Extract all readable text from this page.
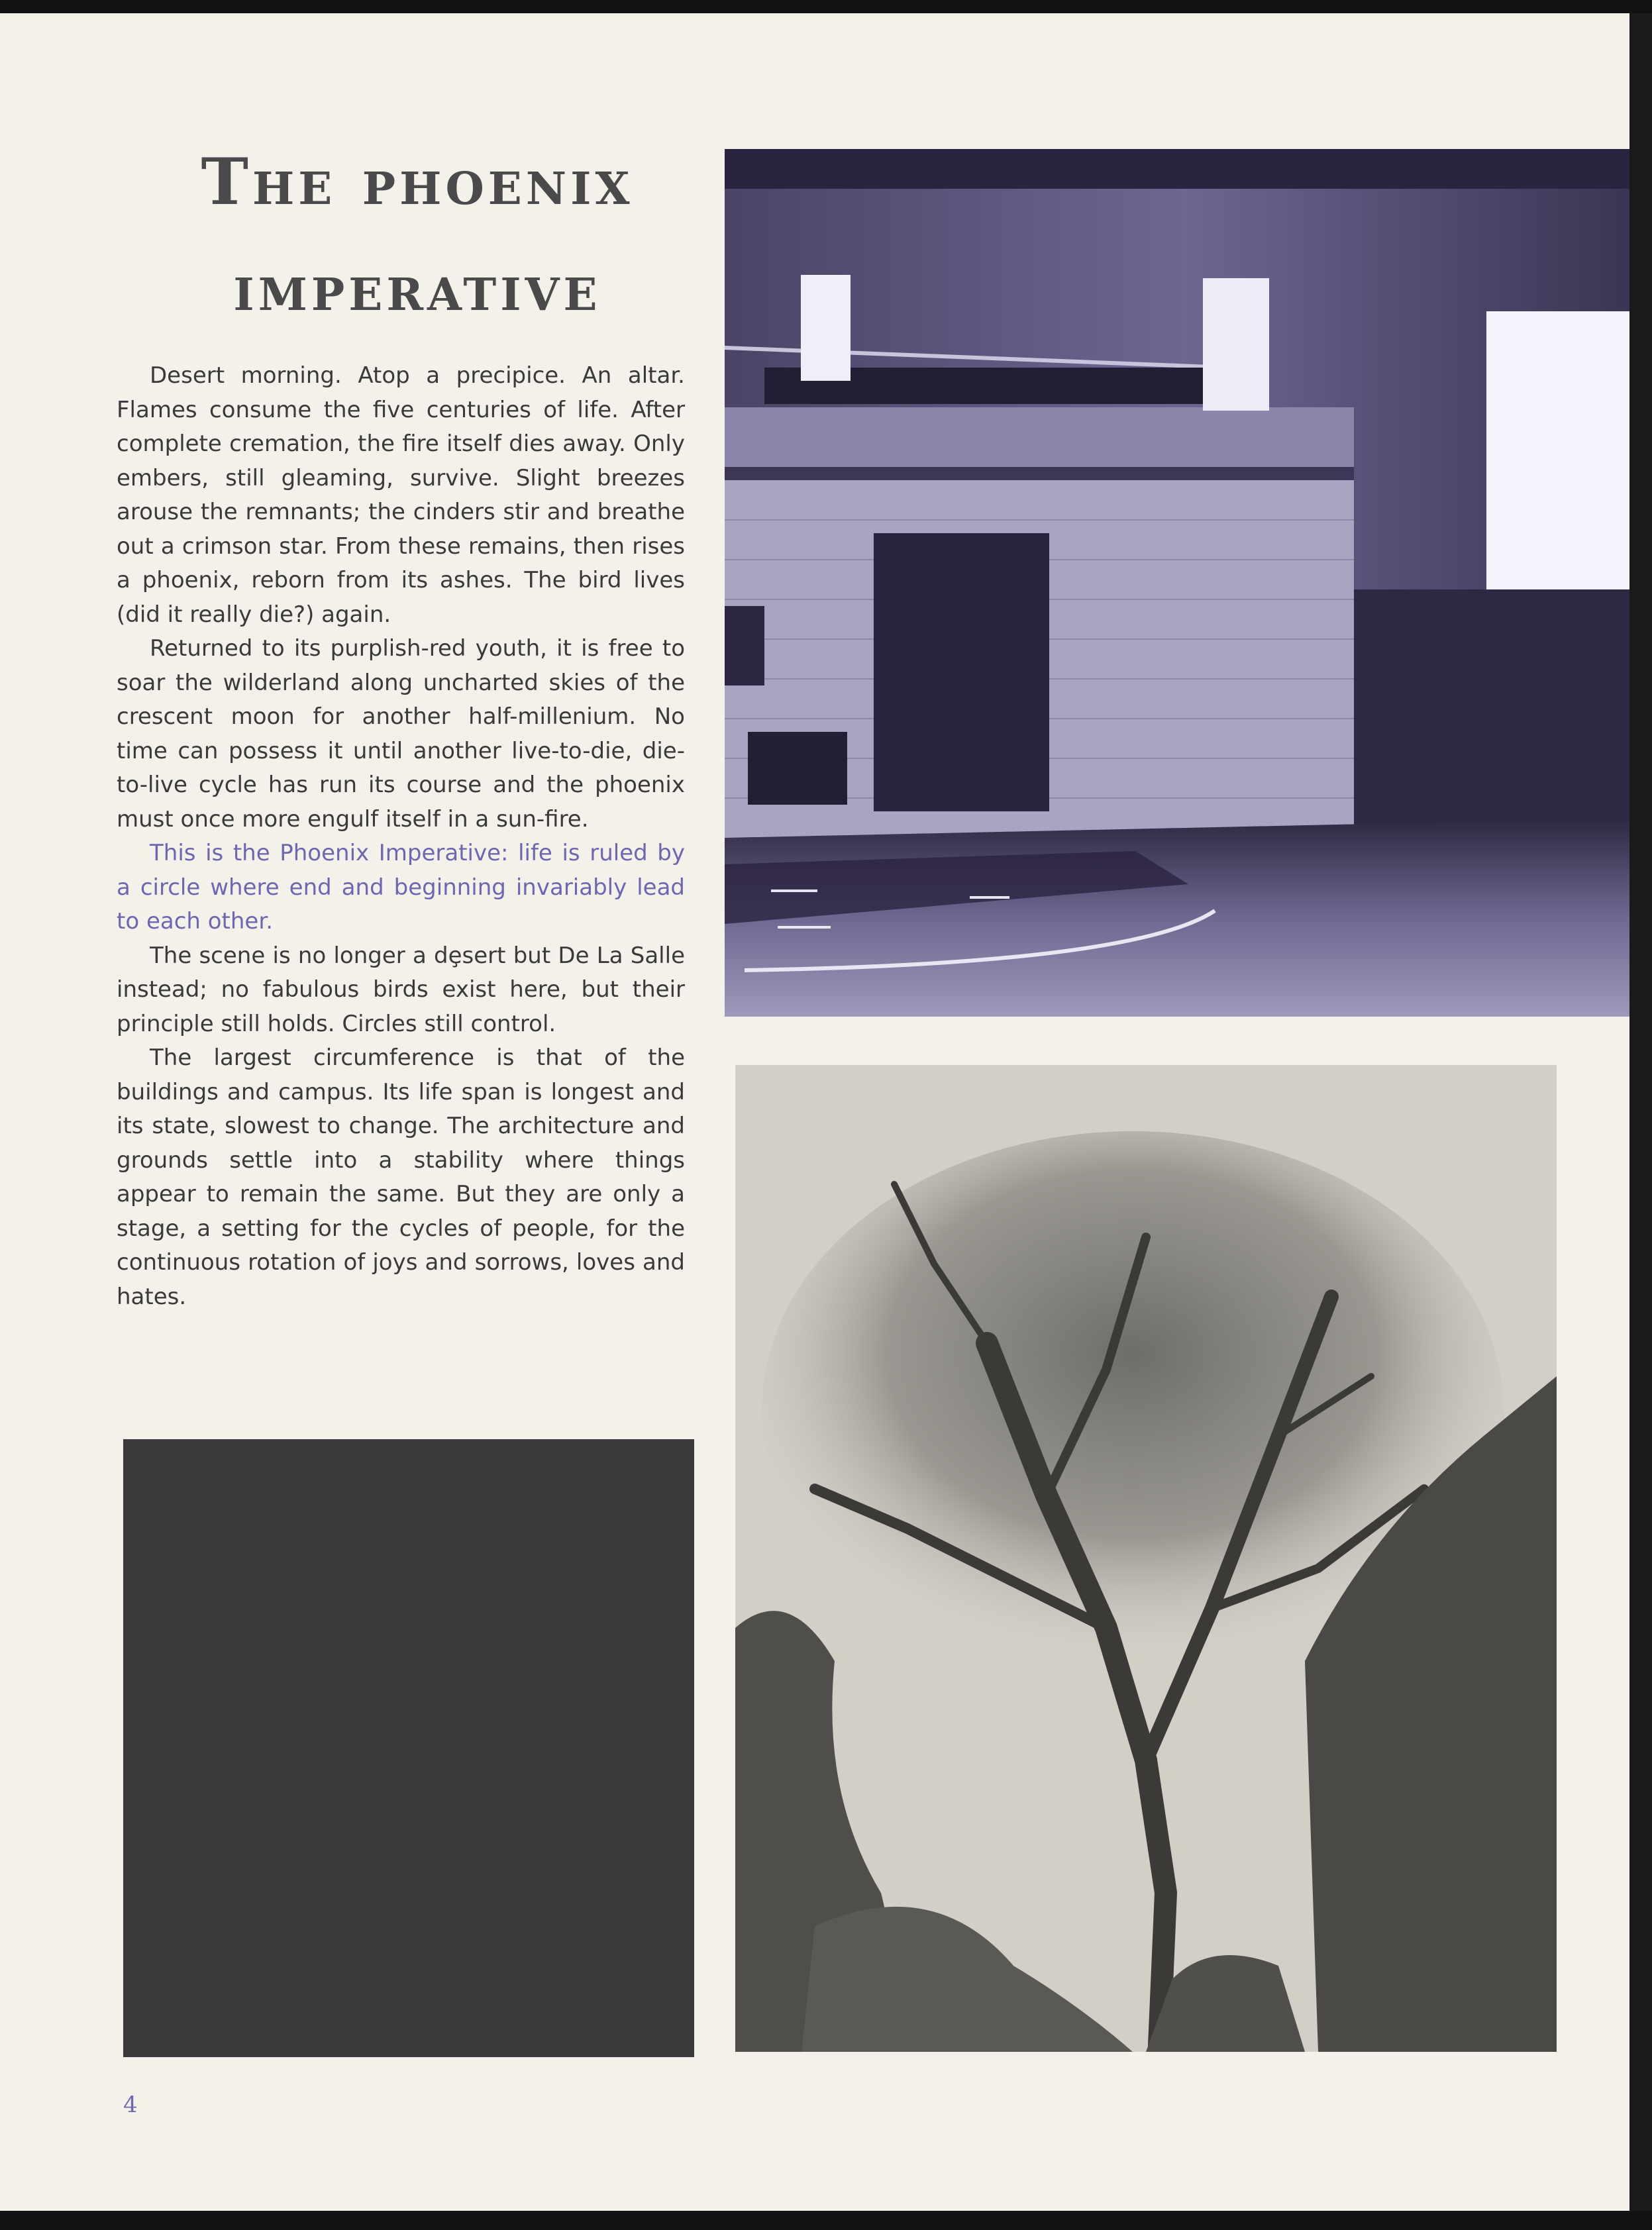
The phoenix
imperative

Desert morning. Atop a precipice. An altar. Flames consume the five centuries of life. After complete cremation, the fire itself dies away. Only embers, still gleaming, survive. Slight breezes arouse the remnants; the cinders stir and breathe out a crimson star. From these remains, then rises a phoenix, reborn from its ashes. The bird lives (did it really die?) again.

Returned to its purplish-red youth, it is free to soar the wilderland along uncharted skies of the crescent moon for another half-millenium. No time can possess it until another live-to-die, die-to-live cycle has run its course and the phoenix must once more engulf itself in a sun-fire.

This is the Phoenix Imperative: life is ruled by a circle where end and beginning invariably lead to each other.

The scene is no longer a dȩsert but De La Salle instead; no fabulous birds exist here, but their principle still holds. Circles still control.

The largest circumference is that of the buildings and campus. Its life span is longest and its state, slowest to change. The architecture and grounds settle into a stability where things appear to remain the same. But they are only a stage, a setting for the cycles of people, for the continuous rotation of joys and sorrows, loves and hates.

4
